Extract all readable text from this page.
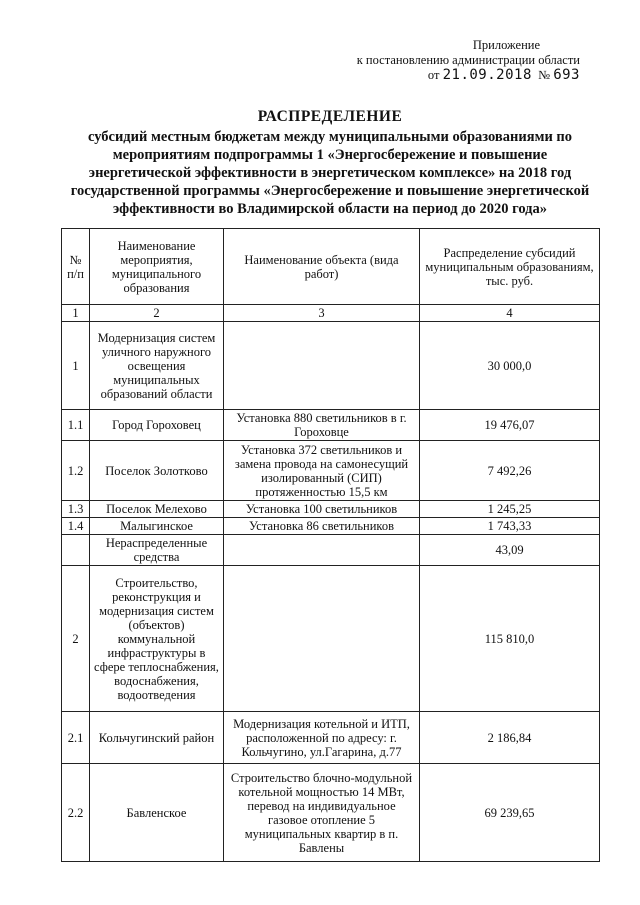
Приложение
к постановлению администрации области
от 21.09.2018 № 693
РАСПРЕДЕЛЕНИЕ
субсидий местным бюджетам между муниципальными образованиями по
мероприятиям подпрограммы 1 «Энергосбережение и повышение
энергетической эффективности в энергетическом комплексе» на 2018 год
государственной программы «Энергосбережение и повышение энергетической
эффективности во Владимирской области на период до 2020 года»
№ п/п	Наименование мероприятия, муниципального образования	Наименование объекта (вида работ)	Распределение субсидий муниципальным образованиям, тыс. руб.
1	2	3	4
1	Модернизация систем уличного наружного освещения муниципальных образований области		30 000,0
1.1	Город Гороховец	Установка 880 светильников в г. Гороховце	19 476,07
1.2	Поселок Золотково	Установка 372 светильников и замена провода на самонесущий изолированный (СИП) протяженностью 15,5 км	7 492,26
1.3	Поселок Мелехово	Установка 100 светильников	1 245,25
1.4	Малыгинское	Установка 86 светильников	1 743,33
	Нераспределенные средства		43,09
2	Строительство, реконструкция и модернизация систем (объектов) коммунальной инфраструктуры в сфере теплоснабжения, водоснабжения, водоотведения		115 810,0
2.1	Кольчугинский район	Модернизация котельной и ИТП, расположенной по адресу: г. Кольчугино, ул.Гагарина, д.77	2 186,84
2.2	Бавленское	Строительство блочно-модульной котельной мощностью 14 МВт, перевод на индивидуальное газовое отопление 5 муниципальных квартир в п. Бавлены	69 239,65
